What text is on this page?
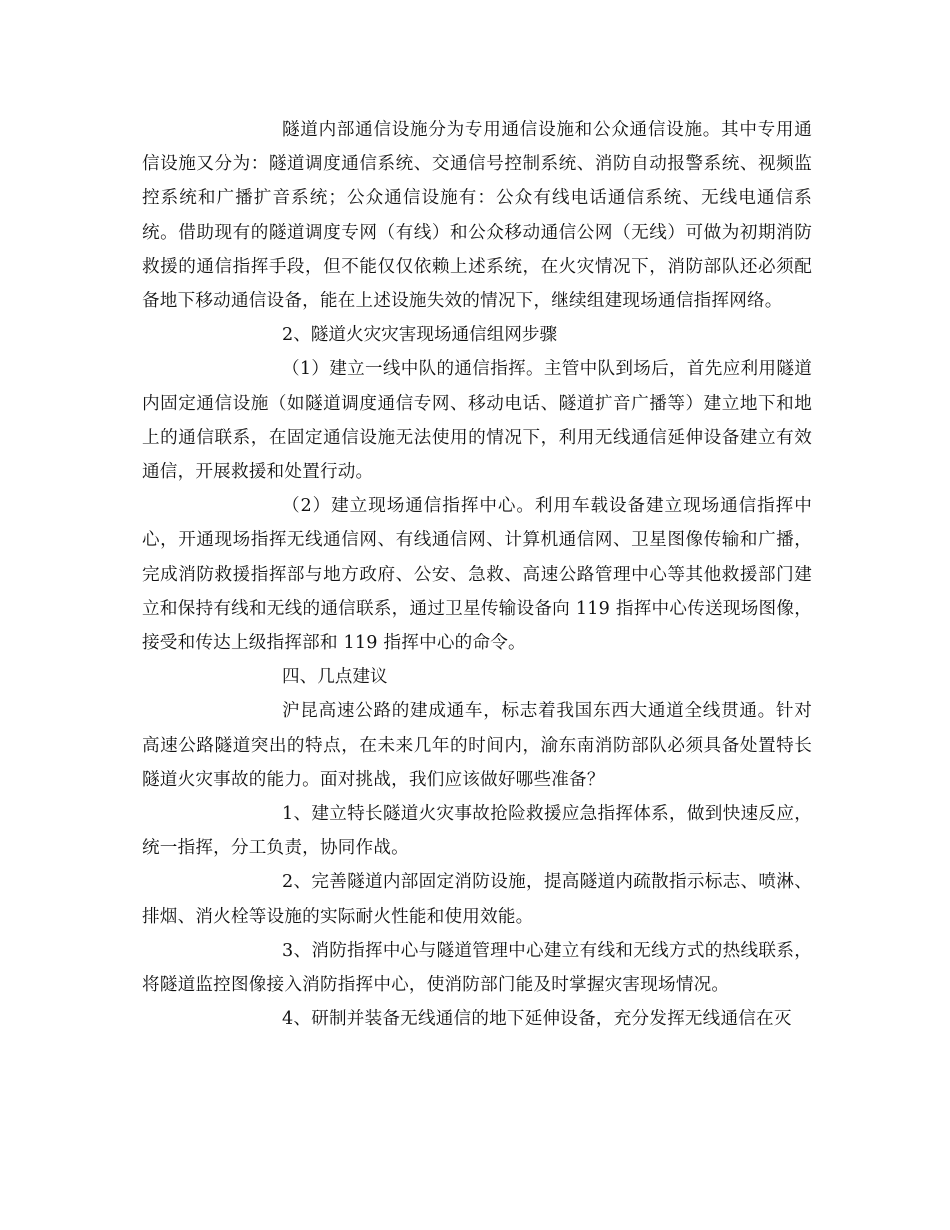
隧道内部通信设施分为专用通信设施和公众通信设施。其中专用通信设施又分为：隧道调度通信系统、交通信号控制系统、消防自动报警系统、视频监控系统和广播扩音系统；公众通信设施有：公众有线电话通信系统、无线电通信系统。借助现有的隧道调度专网（有线）和公众移动通信公网（无线）可做为初期消防救援的通信指挥手段，但不能仅仅依赖上述系统，在火灾情况下，消防部队还必须配备地下移动通信设备，能在上述设施失效的情况下，继续组建现场通信指挥网络。

2、隧道火灾灾害现场通信组网步骤

（1）建立一线中队的通信指挥。主管中队到场后，首先应利用隧道内固定通信设施（如隧道调度通信专网、移动电话、隧道扩音广播等）建立地下和地上的通信联系，在固定通信设施无法使用的情况下，利用无线通信延伸设备建立有效通信，开展救援和处置行动。

（2）建立现场通信指挥中心。利用车载设备建立现场通信指挥中心，开通现场指挥无线通信网、有线通信网、计算机通信网、卫星图像传输和广播，完成消防救援指挥部与地方政府、公安、急救、高速公路管理中心等其他救援部门建立和保持有线和无线的通信联系，通过卫星传输设备向 119 指挥中心传送现场图像，接受和传达上级指挥部和 119 指挥中心的命令。

四、几点建议

沪昆高速公路的建成通车，标志着我国东西大通道全线贯通。针对高速公路隧道突出的特点，在未来几年的时间内，渝东南消防部队必须具备处置特长隧道火灾事故的能力。面对挑战，我们应该做好哪些准备？

1、建立特长隧道火灾事故抢险救援应急指挥体系，做到快速反应，统一指挥，分工负责，协同作战。

2、完善隧道内部固定消防设施，提高隧道内疏散指示标志、喷淋、排烟、消火栓等设施的实际耐火性能和使用效能。

3、消防指挥中心与隧道管理中心建立有线和无线方式的热线联系，将隧道监控图像接入消防指挥中心，使消防部门能及时掌握灾害现场情况。

4、研制并装备无线通信的地下延伸设备，充分发挥无线通信在灭
